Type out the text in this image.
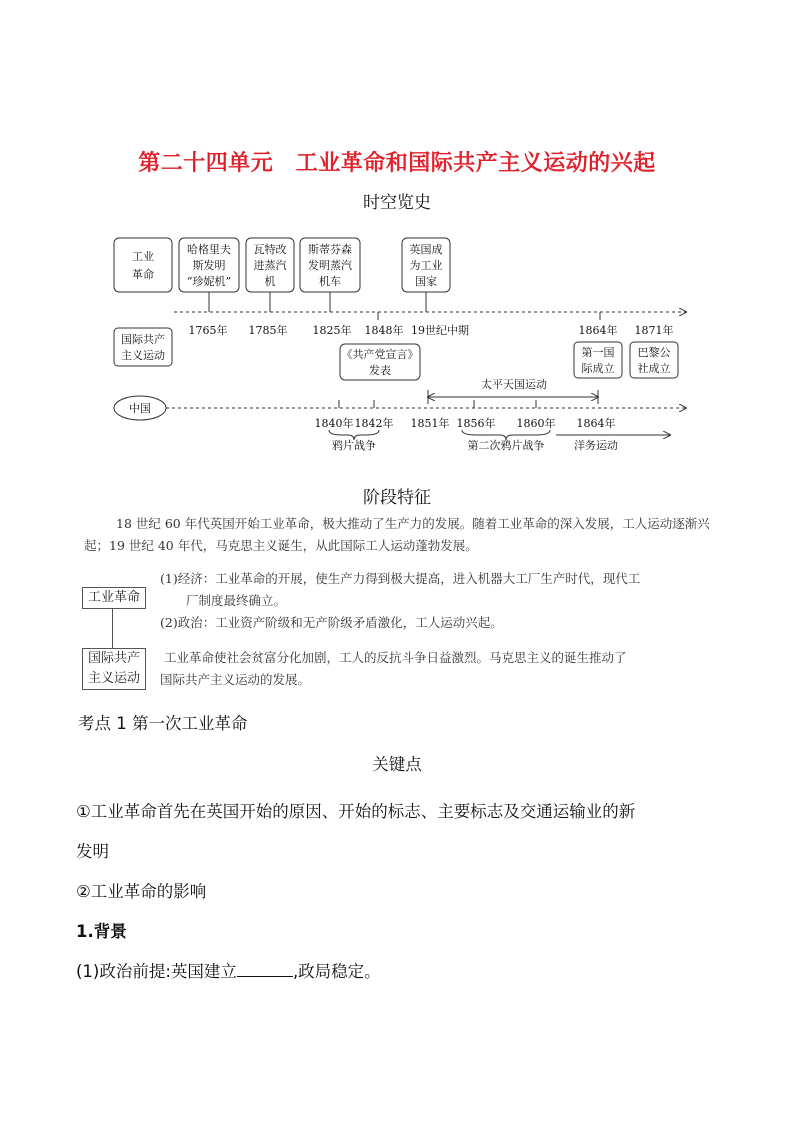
第二十四单元　工业革命和国际共产主义运动的兴起
时空览史
工业
革命
哈格里夫
斯发明
“珍妮机”
瓦特改
进蒸汽
机
斯蒂芬森
发明蒸汽
机车
英国成
为工业
国家
1765年 1785年 1825年 1848年 19世纪中期	1864年 1871年
国际共产
主义运动	《共产党宣言》
发表
第一国
际成立
巴黎公
社成立
太平天国运动
中国
1840年 1842年 1851年 1856年 1860年 1864年
鸦片战争	第二次鸦片战争	洋务运动
阶段特征
18 世纪 60 年代英国开始工业革命，极大推动了生产力的发展。随着工业革命的深入发展，工人运动逐渐兴起；19 世纪 40 年代，马克思主义诞生，从此国际工人运动蓬勃发展。
工业革命
国际共产
主义运动
(1)经济：工业革命的开展，使生产力得到极大提高，进入机器大工厂生产时代，现代工
厂制度最终确立。
(2)政治：工业资产阶级和无产阶级矛盾激化，工人运动兴起。
工业革命使社会贫富分化加剧，工人的反抗斗争日益激烈。马克思主义的诞生推动了
国际共产主义运动的发展。
考点 1 第一次工业革命
关键点
①工业革命首先在英国开始的原因、开始的标志、主要标志及交通运输业的新
发明
②工业革命的影响
1.背景
(1)政治前提:英国建立	,政局稳定。
